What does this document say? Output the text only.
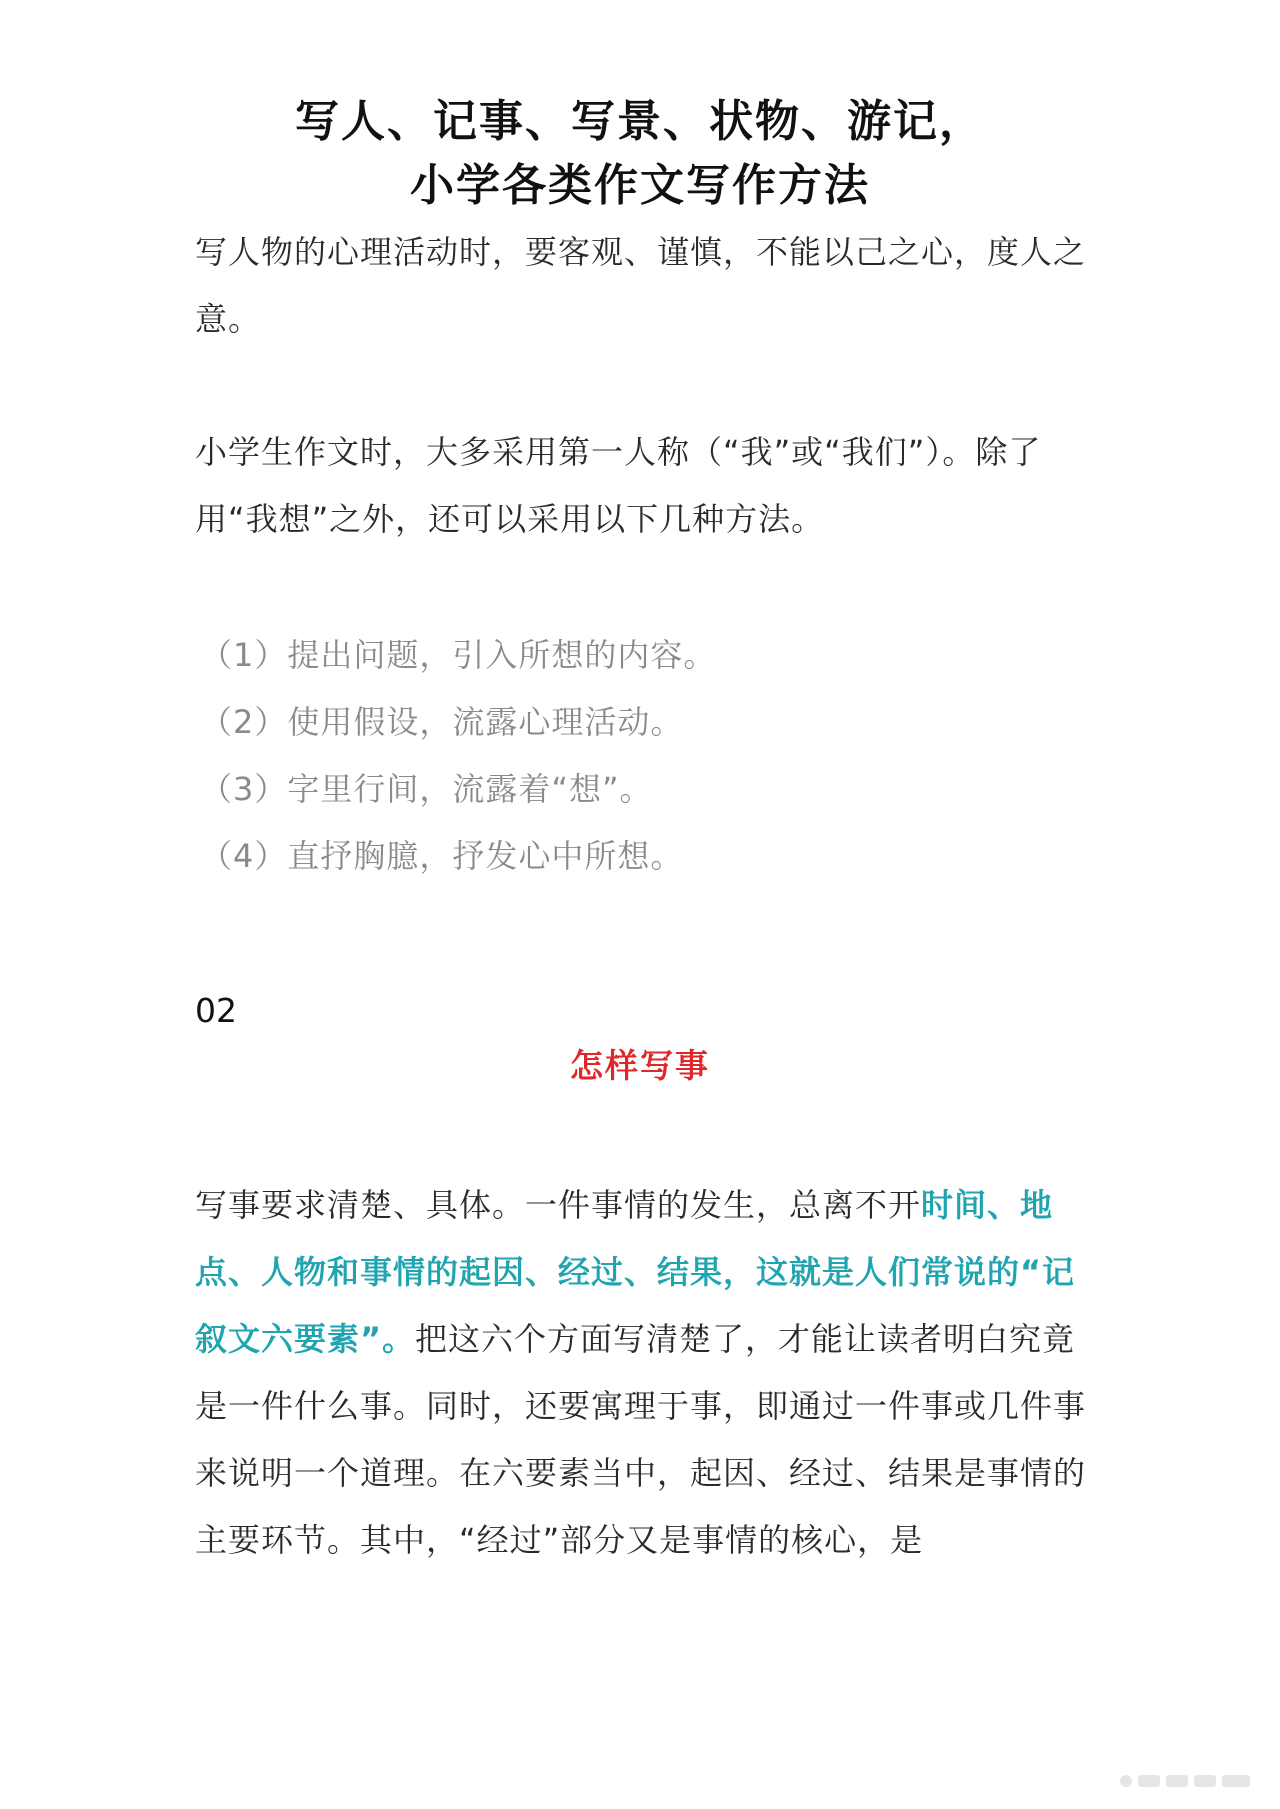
写人、记事、写景、状物、游记，
小学各类作文写作方法
写人物的心理活动时，要客观、谨慎，不能以己之心，度人之意。
小学生作文时，大多采用第一人称（“我”或“我们”）。除了用“我想”之外，还可以采用以下几种方法。
（1）提出问题，引入所想的内容。
（2）使用假设，流露心理活动。
（3）字里行间，流露着“想”。
（4）直抒胸臆，抒发心中所想。
02
怎样写事
写事要求清楚、具体。一件事情的发生，总离不开时间、地点、人物和事情的起因、经过、结果，这就是人们常说的“记叙文六要素”。把这六个方面写清楚了，才能让读者明白究竟是一件什么事。同时，还要寓理于事，即通过一件事或几件事来说明一个道理。在六要素当中，起因、经过、结果是事情的主要环节。其中，“经过”部分又是事情的核心，是
